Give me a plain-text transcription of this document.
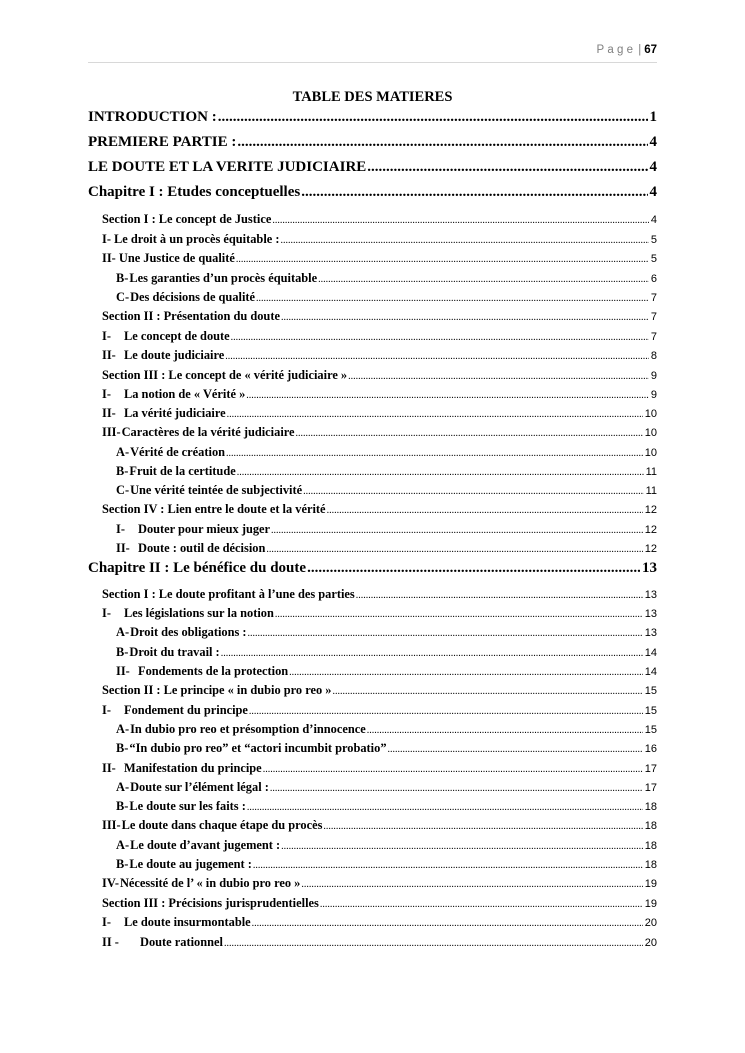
Page | 67
TABLE DES MATIERES
INTRODUCTION : .....	1
PREMIERE PARTIE : .....	4
LE DOUTE ET LA VERITE JUDICIAIRE .....	4
Chapitre I : Etudes conceptuelles .....	4
Section I : Le concept de Justice .....	4
I- Le droit à un procès équitable : .....	5
II- Une Justice de qualité .....	5
B-Les garanties d’un procès équitable .....	6
C-Des décisions de qualité .....	7
Section II : Présentation du doute .....	7
I- Le concept de doute .....	7
II- Le doute judiciaire .....	8
Section III : Le concept de « vérité judiciaire » .....	9
I- La notion de « Vérité » .....	9
II- La vérité judiciaire .....	10
III-Caractères de la vérité judiciaire .....	10
A-Vérité de création .....	10
B-Fruit de la certitude .....	11
C-Une vérité teintée de subjectivité .....	11
Section IV : Lien entre le doute et la vérité .....	12
I- Douter pour mieux juger .....	12
II- Doute : outil de décision .....	12
Chapitre II : Le bénéfice du doute .....	13
Section I : Le doute profitant à l’une des parties .....	13
I- Les législations sur la notion .....	13
A-Droit des obligations : .....	13
B-Droit du travail : .....	14
II- Fondements de la protection .....	14
Section II : Le principe « in dubio pro reo » .....	15
I- Fondement du principe .....	15
A-In dubio pro reo et présomption d’innocence .....	15
B-“In dubio pro reo” et “actori incumbit probatio” .....	16
II- Manifestation du principe .....	17
A-Doute sur l’élément légal : .....	17
B-Le doute sur les faits : .....	18
III-Le doute dans chaque étape du procès .....	18
A-Le doute d’avant jugement : .....	18
B-Le doute au jugement : .....	18
IV-Nécessité de l’ « in dubio pro reo » .....	19
Section III : Précisions jurisprudentielles .....	19
I- Le doute insurmontable .....	20
II - Doute rationnel .....	20
